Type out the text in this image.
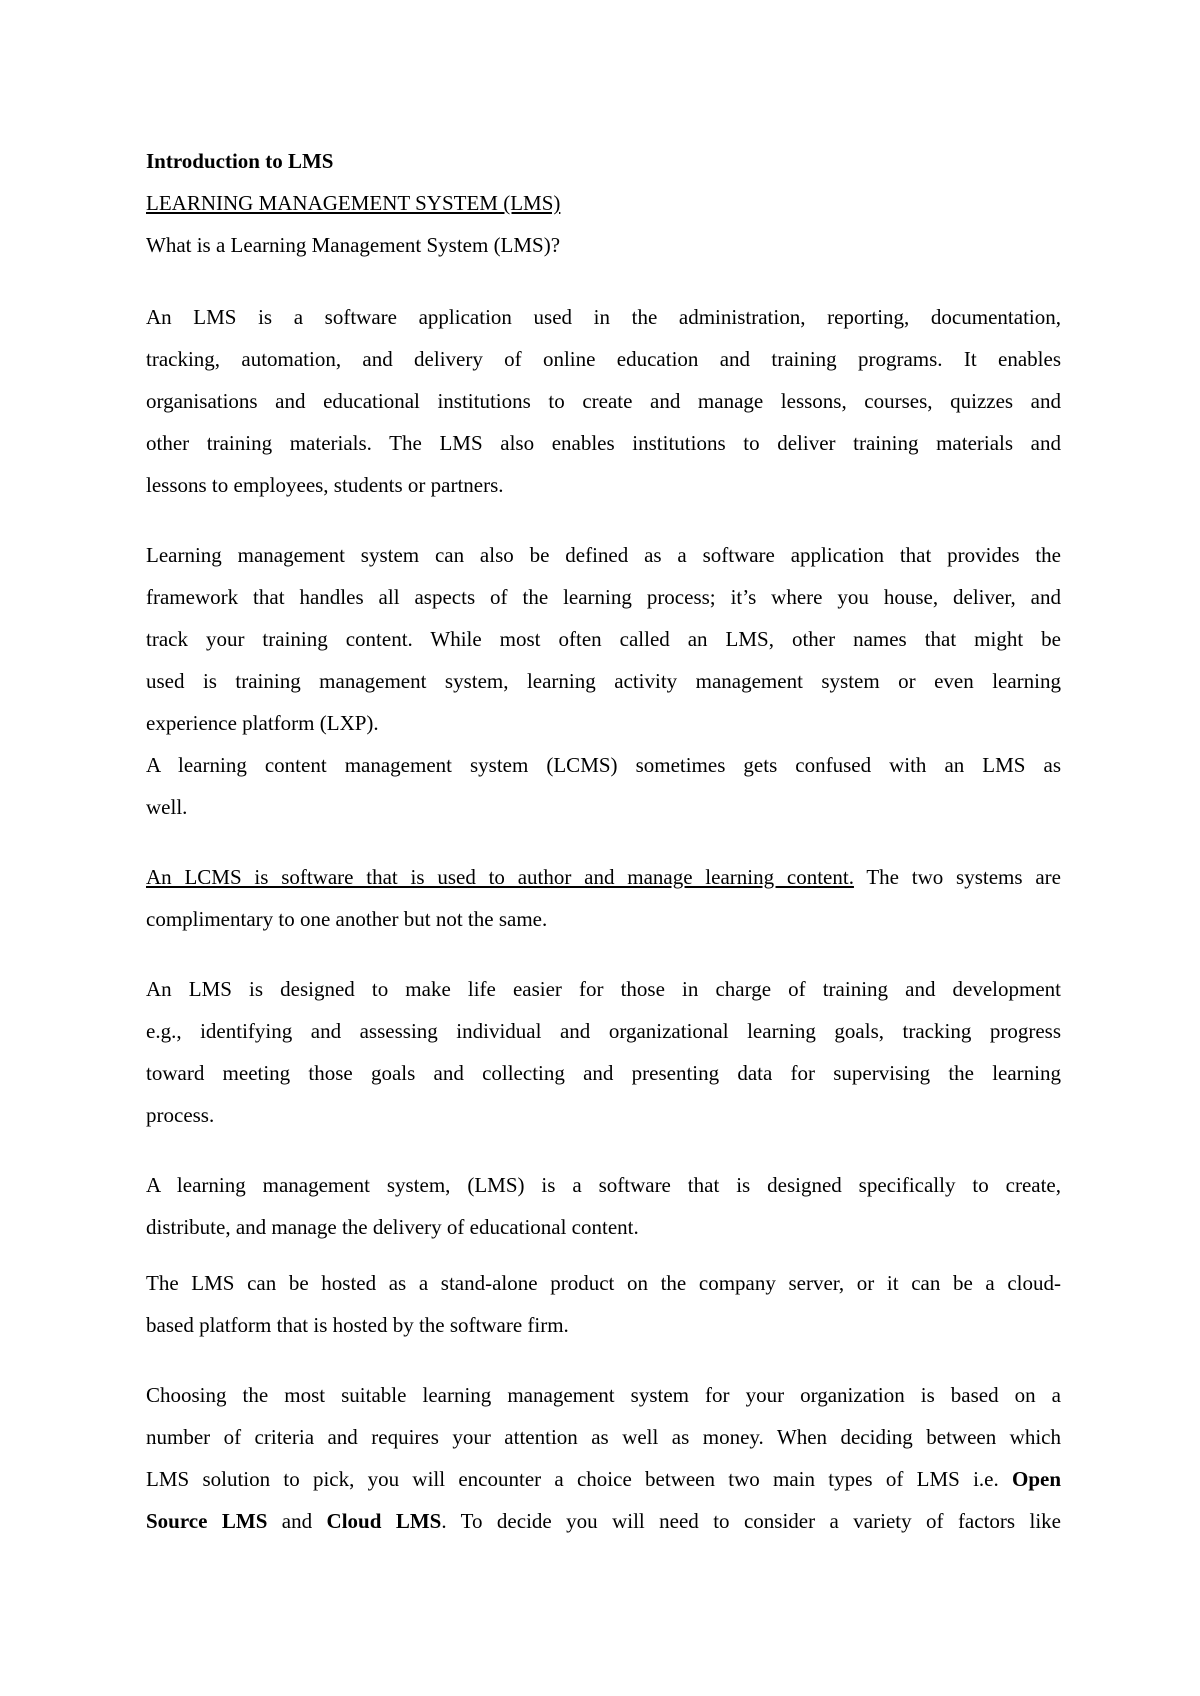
Introduction to LMS
LEARNING MANAGEMENT SYSTEM (LMS)
What is a Learning Management System (LMS)?
An LMS is a software application used in the administration, reporting, documentation,
tracking, automation, and delivery of online education and training programs. It enables
organisations and educational institutions to create and manage lessons, courses, quizzes and
other training materials. The LMS also enables institutions to deliver training materials and
lessons to employees, students or partners.
Learning management system can also be defined as a software application that provides the
framework that handles all aspects of the learning process; it’s where you house, deliver, and
track your training content. While most often called an LMS, other names that might be
used is training management system, learning activity management system or even learning
experience platform (LXP).
A learning content management system (LCMS) sometimes gets confused with an LMS as
well.
An LCMS is software that is used to author and manage learning content. The two systems are
complimentary to one another but not the same.
An LMS is designed to make life easier for those in charge of training and development
e.g., identifying and assessing individual and organizational learning goals, tracking progress
toward meeting those goals and collecting and presenting data for supervising the learning
process.
A learning management system, (LMS) is a software that is designed specifically to create,
distribute, and manage the delivery of educational content.
The LMS can be hosted as a stand-alone product on the company server, or it can be a cloud-
based platform that is hosted by the software firm.
Choosing the most suitable learning management system for your organization is based on a
number of criteria and requires your attention as well as money. When deciding between which
LMS solution to pick, you will encounter a choice between two main types of LMS i.e. Open
Source LMS and Cloud LMS. To decide you will need to consider a variety of factors like
